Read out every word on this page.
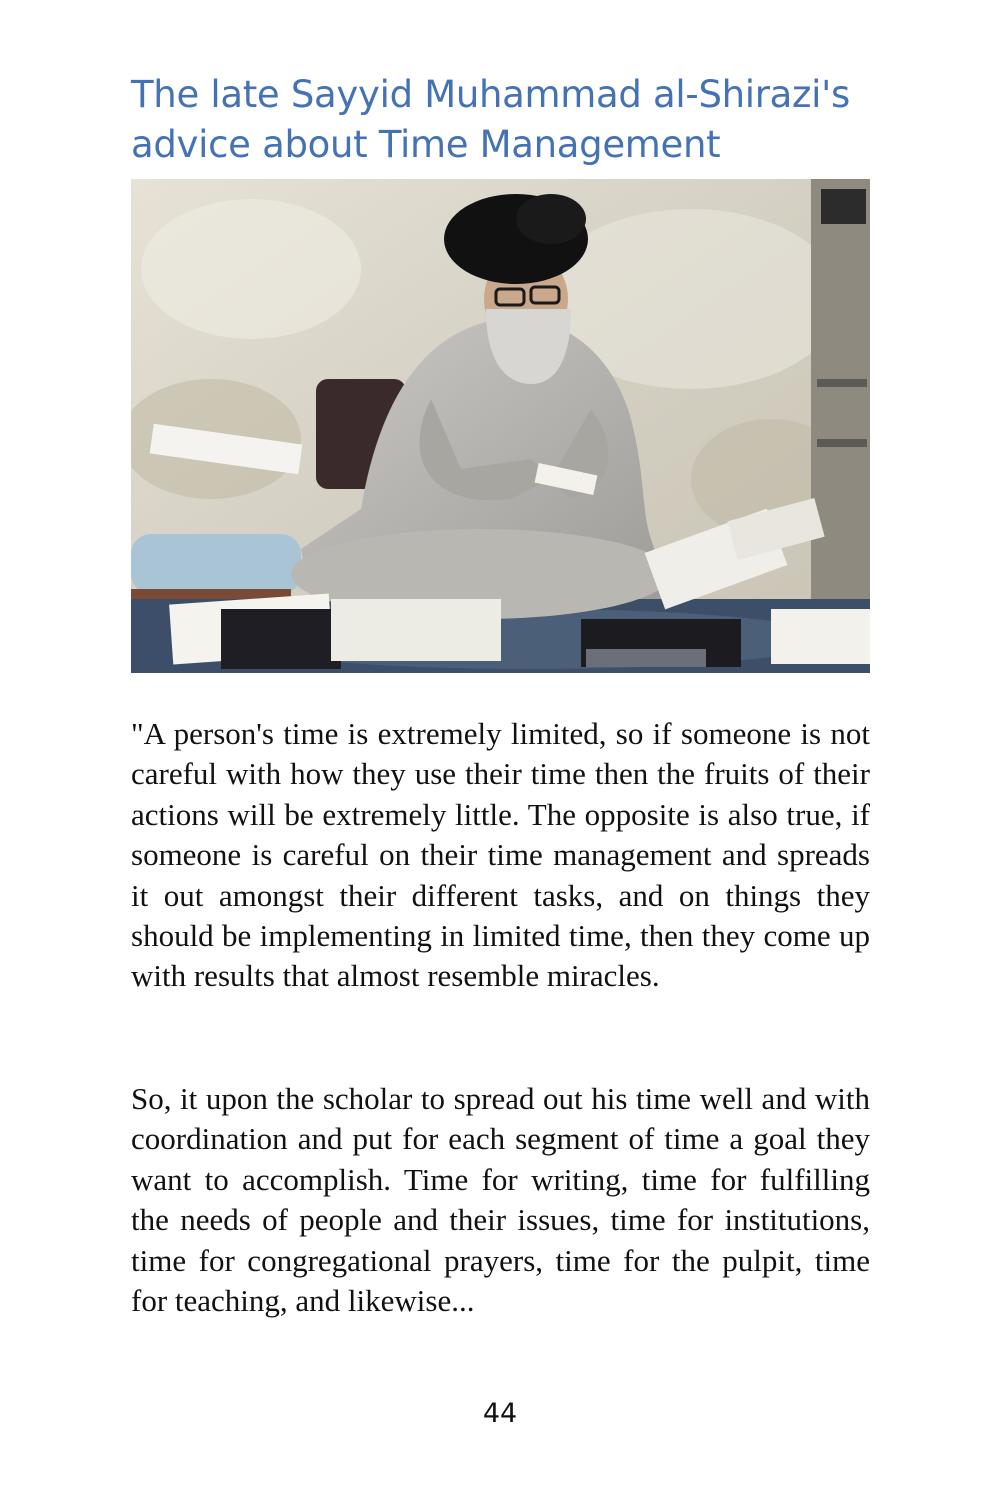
The late Sayyid Muhammad al-Shirazi's advice about Time Management

"A person's time is extremely limited, so if someone is not careful with how they use their time then the fruits of their actions will be extremely little. The opposite is also true, if someone is careful on their time management and spreads it out amongst their different tasks, and on things they should be implementing in limited time, then they come up with results that almost resemble miracles.

So, it upon the scholar to spread out his time well and with coordination and put for each segment of time a goal they want to accomplish. Time for writing, time for fulfilling the needs of people and their issues, time for institutions, time for congregational prayers, time for the pulpit, time for teaching, and likewise...

44
